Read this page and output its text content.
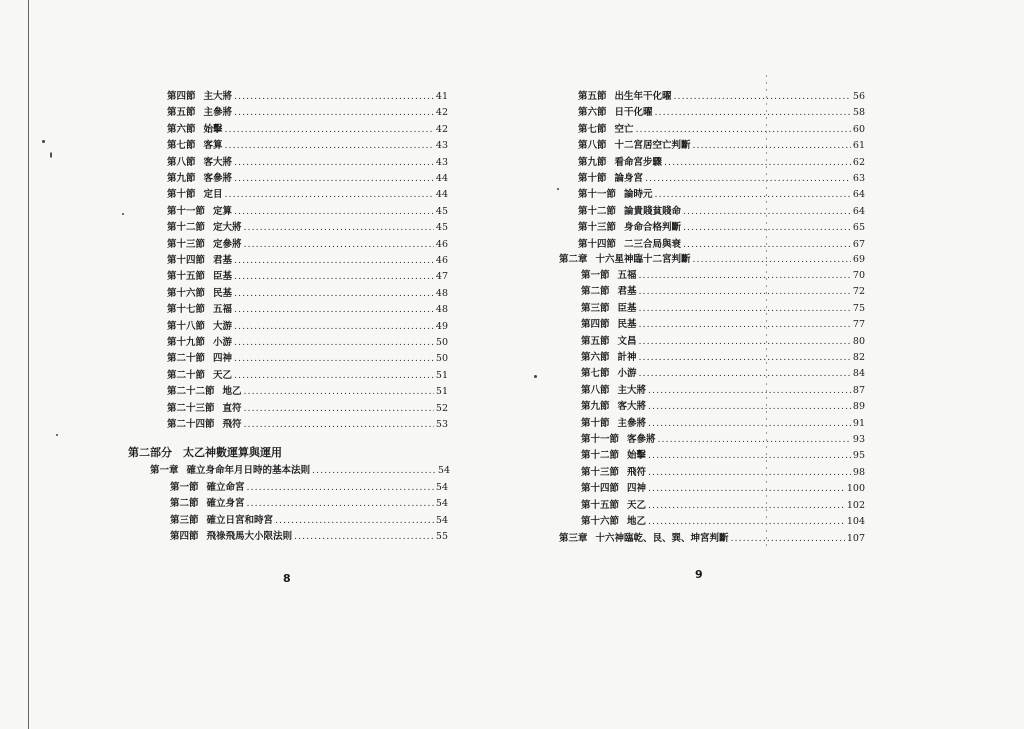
第四節 主大將 .....	41
第五節 主參將 .....	42
第六節 始擊 .....	42
第七節 客算 .....	43
第八節 客大將 .....	43
第九節 客參將 .....	44
第十節 定目 .....	44
第十一節 定算 .....	45
第十二節 定大將 .....	45
第十三節 定參將 .....	46
第十四節 君基 .....	46
第十五節 臣基 .....	47
第十六節 民基 .....	48
第十七節 五福 .....	48
第十八節 大游 .....	49
第十九節 小游 .....	50
第二十節 四神 .....	50
第二十節 天乙 .....	51
第二十二節 地乙 .....	51
第二十三節 直符 .....	52
第二十四節 飛符 .....	53
第二部分　太乙神數運算與運用
第一章 確立身命年月日時的基本法則 .....	54
第一節 確立命宮 .....	54
第二節 確立身宮 .....	54
第三節 確立日宮和時宮 .....	54
第四節 飛祿飛馬大小限法則 .....	55
8
第五節 出生年干化曜 .....	56
第六節 日干化曜 .....	58
第七節 空亡 .....	60
第八節 十二宮居空亡判斷 .....	61
第九節 看命宮步驟 .....	62
第十節 論身宮 .....	63
第十一節 論時元 .....	64
第十二節 論貴賤貧賤命 .....	64
第十三節 身命合格判斷 .....	65
第十四節 二三合局與衰 .....	67
第二章 十六星神臨十二宮判斷 .....	69
第一節 五福 .....	70
第二節 君基 .....	72
第三節 臣基 .....	75
第四節 民基 .....	77
第五節 文昌 .....	80
第六節 計神 .....	82
第七節 小游 .....	84
第八節 主大將 .....	87
第九節 客大將 .....	89
第十節 主參將 .....	91
第十一節 客參將 .....	93
第十二節 始擊 .....	95
第十三節 飛符 .....	98
第十四節 四神 .....	100
第十五節 天乙 .....	102
第十六節 地乙 .....	104
第三章 十六神臨乾、艮、巽、坤宮判斷 .....	107
9
